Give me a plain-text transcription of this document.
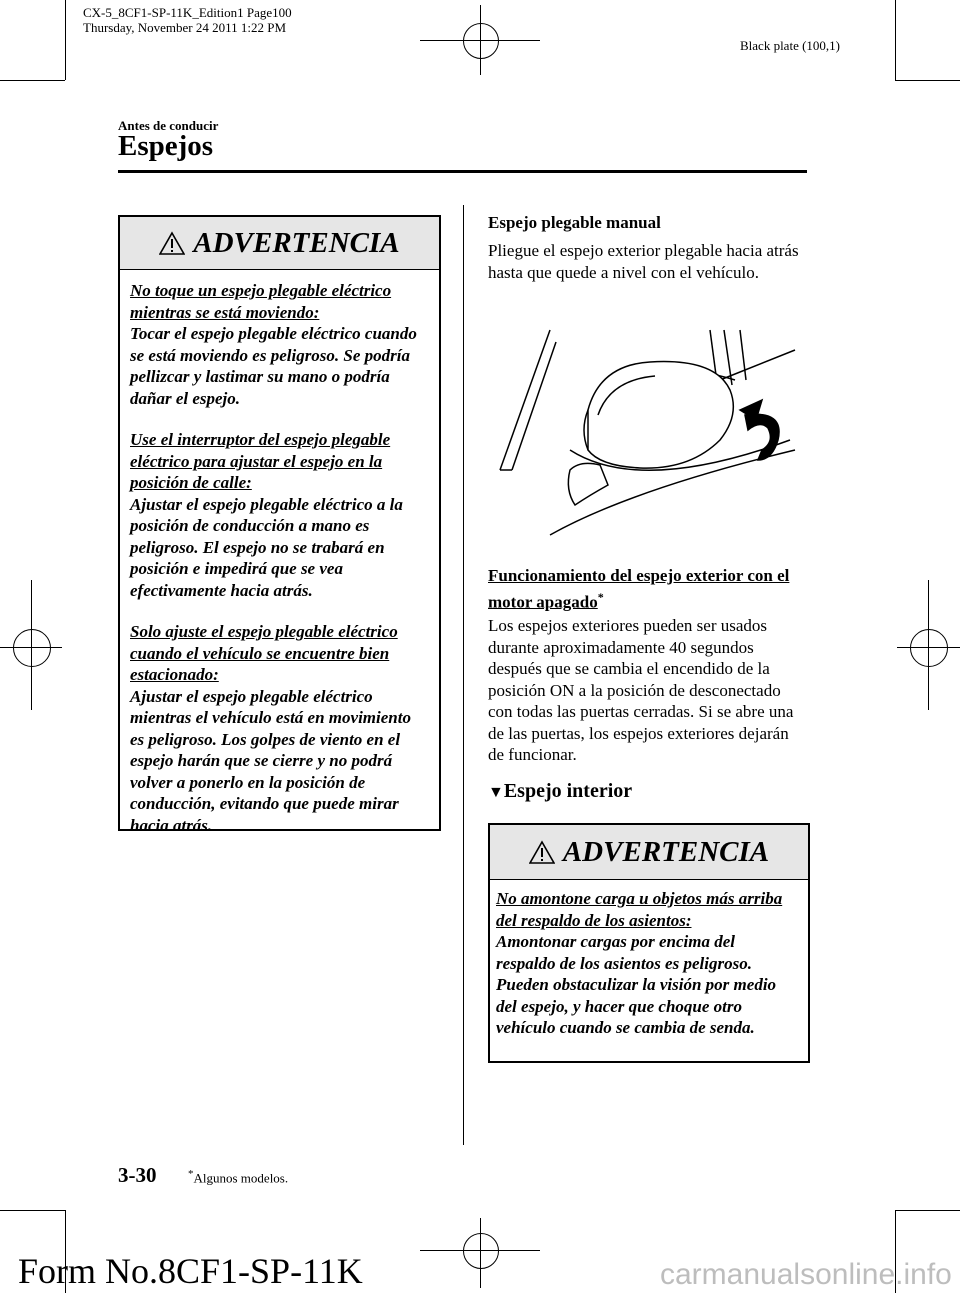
CX-5_8CF1-SP-11K_Edition1 Page100
Thursday, November 24 2011 1:22 PM
Black plate (100,1)
Antes de conducir
Espejos
ADVERTENCIA

No toque un espejo plegable eléctrico mientras se está moviendo:
Tocar el espejo plegable eléctrico cuando se está moviendo es peligroso. Se podría pellizcar y lastimar su mano o podría dañar el espejo.

Use el interruptor del espejo plegable eléctrico para ajustar el espejo en la posición de calle:
Ajustar el espejo plegable eléctrico a la posición de conducción a mano es peligroso. El espejo no se trabará en posición e impedirá que se vea efectivamente hacia atrás.

Solo ajuste el espejo plegable eléctrico cuando el vehículo se encuentre bien estacionado:
Ajustar el espejo plegable eléctrico mientras el vehículo está en movimiento es peligroso. Los golpes de viento en el espejo harán que se cierre y no podrá volver a ponerlo en la posición de conducción, evitando que puede mirar hacia atrás.

Espejo plegable manual
Pliegue el espejo exterior plegable hacia atrás hasta que quede a nivel con el vehículo.
Funcionamiento del espejo exterior con el motor apagado*
Los espejos exteriores pueden ser usados durante aproximadamente 40 segundos después que se cambia el encendido de la posición ON a la posición de desconectado con todas las puertas cerradas. Si se abre una de las puertas, los espejos exteriores dejarán de funcionar.
▼Espejo interior
ADVERTENCIA

No amontone carga u objetos más arriba del respaldo de los asientos:
Amontonar cargas por encima del respaldo de los asientos es peligroso. Pueden obstaculizar la visión por medio del espejo, y hacer que choque otro vehículo cuando se cambia de senda.

3-30	*Algunos modelos.
Form No.8CF1-SP-11K	carmanualsonline.info
